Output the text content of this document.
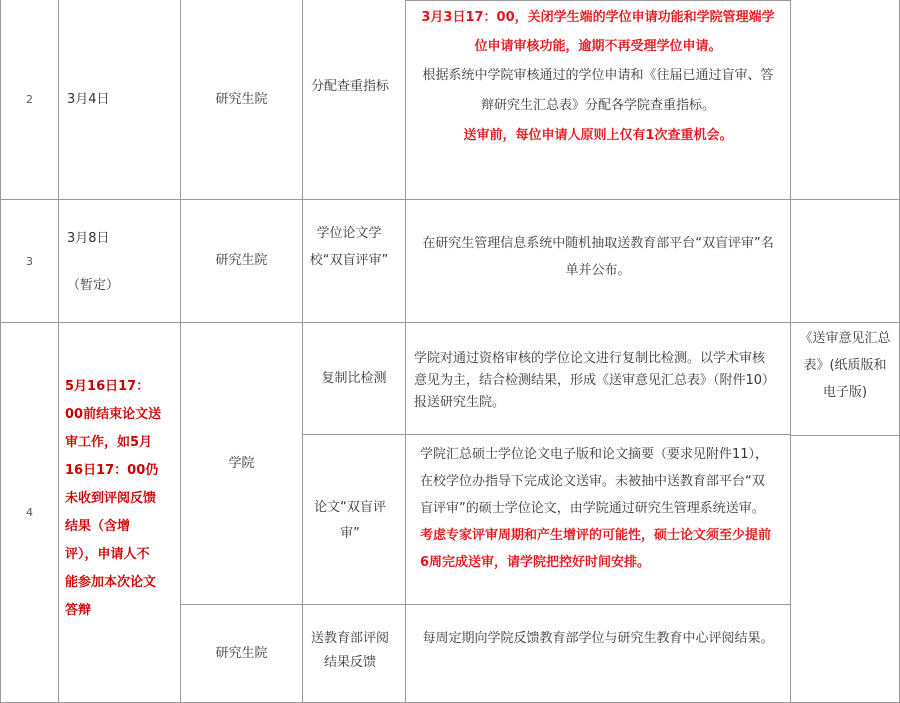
2	3月4日	研究生院
分配查重指标

3月3日17：00，关闭学生端的学位申请功能和学院管理端学位申请审核功能，逾期不再受理学位申请。

根据系统中学院审核通过的学位申请和《往届已通过盲审、答辩研究生汇总表》分配各学院查重指标。

送审前，每位申请人原则上仅有1次查重机会。

3
3月8日
（暂定）
研究生院
学位论文学校“双盲评审”

在研究生管理信息系统中随机抽取送教育部平台“双盲评审”名单并公布。

4

5月16日17：00前结束论文送审工作，如5月16日17：00仍未收到评阅反馈结果（含增评），申请人不能参加本次论文答辩

学院
研究生院
复制比检测
论文“双盲评审”
送教育部评阅结果反馈

学院对通过资格审核的学位论文进行复制比检测。以学术审核意见为主，结合检测结果，形成《送审意见汇总表》（附件10）报送研究生院。

学院汇总硕士学位论文电子版和论文摘要（要求见附件11），在校学位办指导下完成论文送审。未被抽中送教育部平台“双盲评审”的硕士学位论文，由学院通过研究生管理系统送审。

考虑专家评审周期和产生增评的可能性，硕士论文须至少提前6周完成送审，请学院把控好时间安排。

每周定期向学院反馈教育部学位与研究生教育中心评阅结果。

《送审意见汇总表》(纸质版和电子版)
